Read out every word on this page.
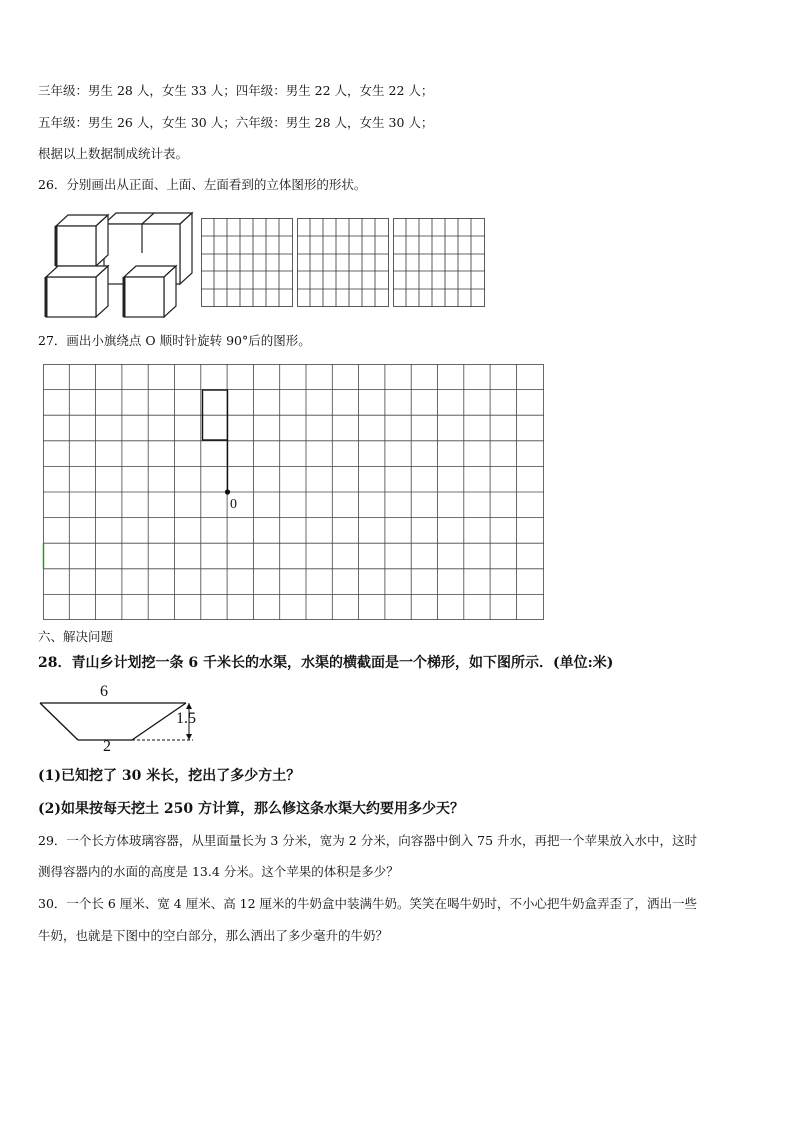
三年级：男生 28 人，女生 33 人；四年级：男生 22 人，女生 22 人；
五年级：男生 26 人，女生 30 人；六年级：男生 28 人，女生 30 人；
根据以上数据制成统计表。
26．分别画出从正面、上面、左面看到的立体图形的形状。
27．画出小旗绕点 O 顺时针旋转 90°后的图形。
0
六、解决问题
28．青山乡计划挖一条 6 千米长的水渠，水渠的横截面是一个梯形，如下图所示．(单位:米)
6
1.5
2
(1)已知挖了 30 米长，挖出了多少方土？
(2)如果按每天挖土 250 方计算，那么修这条水渠大约要用多少天？
29．一个长方体玻璃容器，从里面量长为 3 分米，宽为 2 分米，向容器中倒入 75 升水，再把一个苹果放入水中，这时
测得容器内的水面的高度是 13.4 分米。这个苹果的体积是多少？
30．一个长 6 厘米、宽 4 厘米、高 12 厘米的牛奶盒中装满牛奶。笑笑在喝牛奶时，不小心把牛奶盒弄歪了，洒出一些
牛奶，也就是下图中的空白部分，那么洒出了多少毫升的牛奶？
